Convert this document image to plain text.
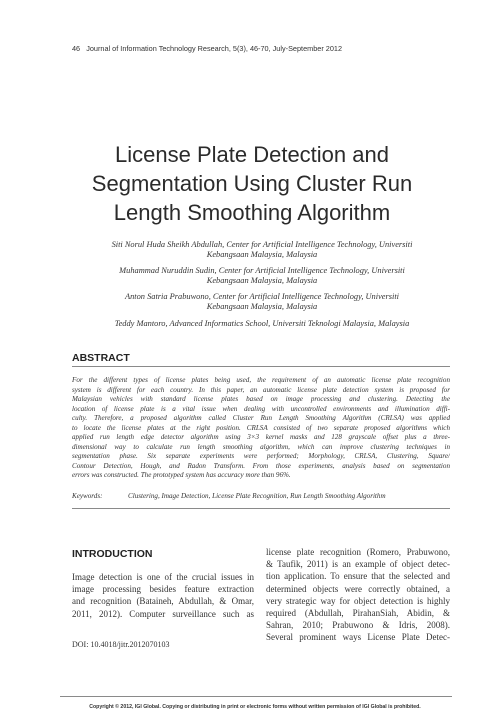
46 Journal of Information Technology Research, 5(3), 46-70, July-September 2012
License Plate Detection and
Segmentation Using Cluster Run
Length Smoothing Algorithm
Siti Norul Huda Sheikh Abdullah, Center for Artificial Intelligence Technology, Universiti
Kebangsaan Malaysia, Malaysia
Muhammad Nuruddin Sudin, Center for Artificial Intelligence Technology, Universiti
Kebangsaan Malaysia, Malaysia
Anton Satria Prabuwono, Center for Artificial Intelligence Technology, Universiti
Kebangsaan Malaysia, Malaysia
Teddy Mantoro, Advanced Informatics School, Universiti Teknologi Malaysia, Malaysia
ABSTRACT
For the different types of license plates being used, the requirement of an automatic license plate recognition
system is different for each country. In this paper, an automatic license plate detection system is proposed for
Malaysian vehicles with standard license plates based on image processing and clustering. Detecting the
location of license plate is a vital issue when dealing with uncontrolled environments and illumination diffi-
culty. Therefore, a proposed algorithm called Cluster Run Length Smoothing Algorithm (CRLSA) was applied
to locate the license plates at the right position. CRLSA consisted of two separate proposed algorithms which
applied run length edge detector algorithm using 3×3 kernel masks and 128 grayscale offset plus a three-
dimensional way to calculate run length smoothing algorithm, which can improve clustering techniques in
segmentation phase. Six separate experiments were performed; Morphology, CRLSA, Clustering, Square/
Contour Detection, Hough, and Radon Transform. From those experiments, analysis based on segmentation
errors was constructed. The prototyped system has accuracy more than 96%.
Keywords:	Clustering, Image Detection, License Plate Recognition, Run Length Smoothing Algorithm
INTRODUCTION
Image detection is one of the crucial issues in
image processing besides feature extraction
and recognition (Bataineh, Abdullah, & Omar,
2011, 2012). Computer surveillance such as
license plate recognition (Romero, Prabuwono,
& Taufik, 2011) is an example of object detec-
tion application. To ensure that the selected and
determined objects were correctly obtained, a
very strategic way for object detection is highly
required (Abdullah, PirahanSiah, Abidin, &
Sahran, 2010; Prabuwono & Idris, 2008).
Several prominent ways License Plate Detec-
DOI: 10.4018/jitr.2012070103
Copyright © 2012, IGI Global. Copying or distributing in print or electronic forms without written permission of IGI Global is prohibited.
